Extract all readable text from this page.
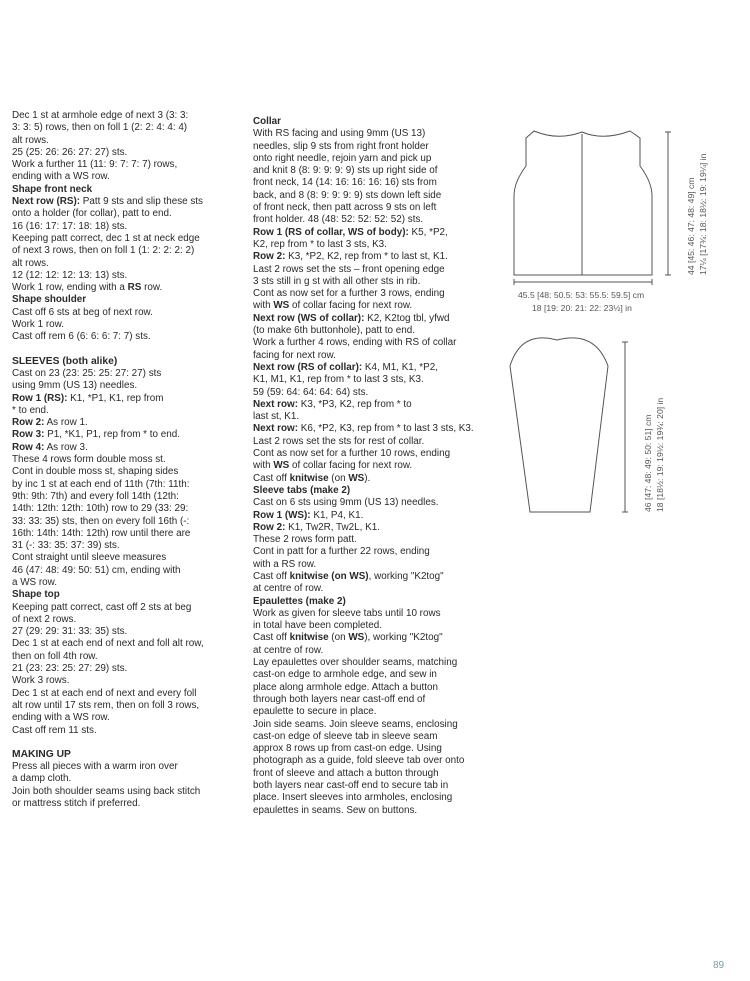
Dec 1 st at armhole edge of next 3 (3: 3:
3: 3: 5) rows, then on foll 1 (2: 2: 4: 4: 4)
alt rows.
25 (25: 26: 26: 27: 27) sts.
Work a further 11 (11: 9: 7: 7: 7) rows,
ending with a WS row.

Shape front neck

Next row (RS): Patt 9 sts and slip these sts
onto a holder (for collar), patt to end.
16 (16: 17: 17: 18: 18) sts.
Keeping patt correct, dec 1 st at neck edge
of next 3 rows, then on foll 1 (1: 2: 2: 2: 2)
alt rows.
12 (12: 12: 12: 13: 13) sts.

Work 1 row, ending with a RS row.

Shape shoulder

Cast off 6 sts at beg of next row.
Work 1 row.
Cast off rem 6 (6: 6: 6: 7: 7) sts.

SLEEVES (both alike)

Cast on 23 (23: 25: 25: 27: 27) sts
using 9mm (US 13) needles.

Row 1 (RS): K1, *P1, K1, rep from
* to end.

Row 2: As row 1.

Row 3: P1, *K1, P1, rep from * to end.

Row 4: As row 3.

These 4 rows form double moss st.
Cont in double moss st, shaping sides
by inc 1 st at each end of 11th (7th: 11th:
9th: 9th: 7th) and every foll 14th (12th:
14th: 12th: 12th: 10th) row to 29 (33: 29:
33: 33: 35) sts, then on every foll 16th (-:
16th: 14th: 14th: 12th) row until there are
31 (-: 33: 35: 37: 39) sts.
Cont straight until sleeve measures
46 (47: 48: 49: 50: 51) cm, ending with
a WS row.

Shape top

Keeping patt correct, cast off 2 sts at beg
of next 2 rows.
27 (29: 29: 31: 33: 35) sts.
Dec 1 st at each end of next and foll alt row,
then on foll 4th row.
21 (23: 23: 25: 27: 29) sts.
Work 3 rows.
Dec 1 st at each end of next and every foll
alt row until 17 sts rem, then on foll 3 rows,
ending with a WS row.
Cast off rem 11 sts.

MAKING UP

Press all pieces with a warm iron over
a damp cloth.
Join both shoulder seams using back stitch
or mattress stitch if preferred.

Collar

With RS facing and using 9mm (US 13)
needles, slip 9 sts from right front holder
onto right needle, rejoin yarn and pick up
and knit 8 (8: 9: 9: 9: 9) sts up right side of
front neck, 14 (14: 16: 16: 16: 16) sts from
back, and 8 (8: 9: 9: 9: 9) sts down left side
of front neck, then patt across 9 sts on left
front holder. 48 (48: 52: 52: 52: 52) sts.

Row 1 (RS of collar, WS of body): K5, *P2,
K2, rep from * to last 3 sts, K3.

Row 2: K3, *P2, K2, rep from * to last st, K1.
Last 2 rows set the sts – front opening edge
3 sts still in g st with all other sts in rib.
Cont as now set for a further 3 rows, ending
with WS of collar facing for next row.

Next row (WS of collar): K2, K2tog tbl, yfwd
(to make 6th buttonhole), patt to end.
Work a further 4 rows, ending with RS of collar
facing for next row.

Next row (RS of collar): K4, M1, K1, *P2,
K1, M1, K1, rep from * to last 3 sts, K3.
59 (59: 64: 64: 64: 64) sts.

Next row: K3, *P3, K2, rep from * to
last st, K1.

Next row: K6, *P2, K3, rep from * to last 3 sts, K3.
Last 2 rows set the sts for rest of collar.
Cont as now set for a further 10 rows, ending
with WS of collar facing for next row.

Cast off knitwise (on WS).

Sleeve tabs (make 2)

Cast on 6 sts using 9mm (US 13) needles.

Row 1 (WS): K1, P4, K1.

Row 2: K1, Tw2R, Tw2L, K1.
These 2 rows form patt.
Cont in patt for a further 22 rows, ending
with a RS row.

Cast off knitwise (on WS), working "K2tog"
at centre of row.

Epaulettes (make 2)

Work as given for sleeve tabs until 10 rows
in total have been completed.

Cast off knitwise (on WS), working "K2tog"
at centre of row.

Lay epaulettes over shoulder seams, matching
cast-on edge to armhole edge, and sew in
place along armhole edge. Attach a button
through both layers near cast-off end of
epaulette to secure in place.
Join side seams. Join sleeve seams, enclosing
cast-on edge of sleeve tab in sleeve seam
approx 8 rows up from cast-on edge. Using
photograph as a guide, fold sleeve tab over onto
front of sleeve and attach a button through
both layers near cast-off end to secure tab in
place. Insert sleeves into armholes, enclosing
epaulettes in seams. Sew on buttons.

44 [45: 46: 47: 48: 49] cm 17¼ [17¾: 18: 18½: 19: 19¼] in
45.5 [48: 50.5: 53: 55.5: 59.5] cm
18 [19: 20: 21: 22: 23½] in
46 [47: 48: 49: 50: 51] cm 18 [18½: 19: 19½: 19¾: 20] in
89
